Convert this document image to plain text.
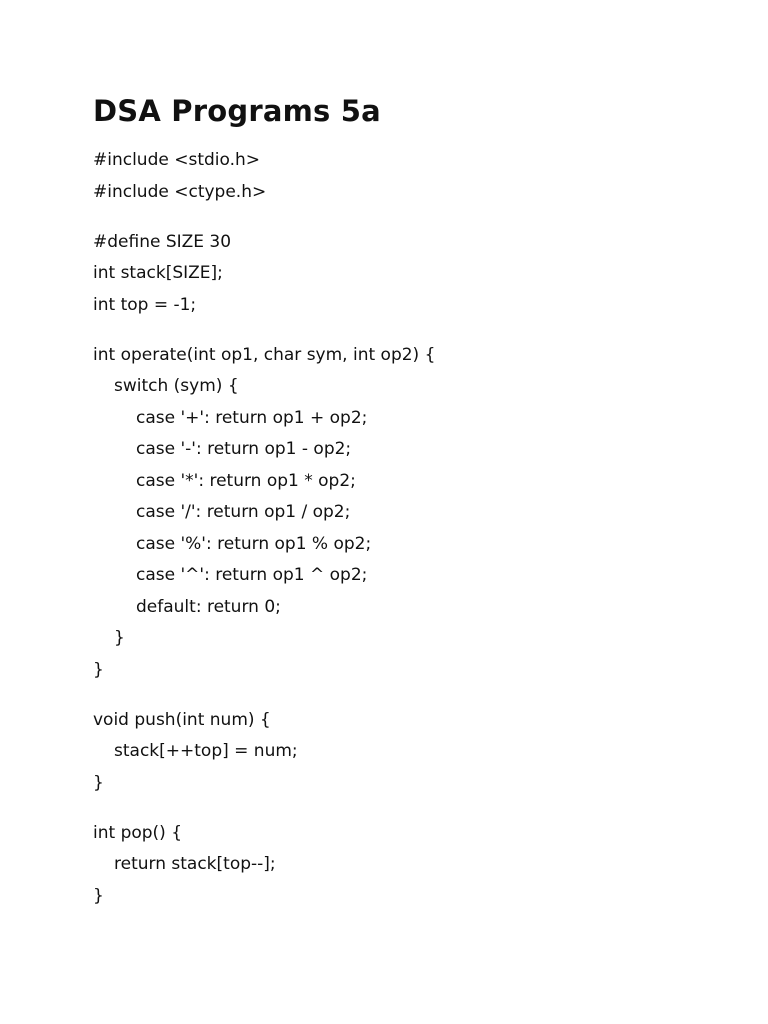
DSA Programs 5a
#include <stdio.h>
#include <ctype.h>
#define SIZE 30
int stack[SIZE];
int top = -1;
int operate(int op1, char sym, int op2) {
switch (sym) {
case '+': return op1 + op2;
case '-': return op1 - op2;
case '*': return op1 * op2;
case '/': return op1 / op2;
case '%': return op1 % op2;
case '^': return op1 ^ op2;
default: return 0;
}
}
void push(int num) {
stack[++top] = num;
}
int pop() {
return stack[top--];
}
